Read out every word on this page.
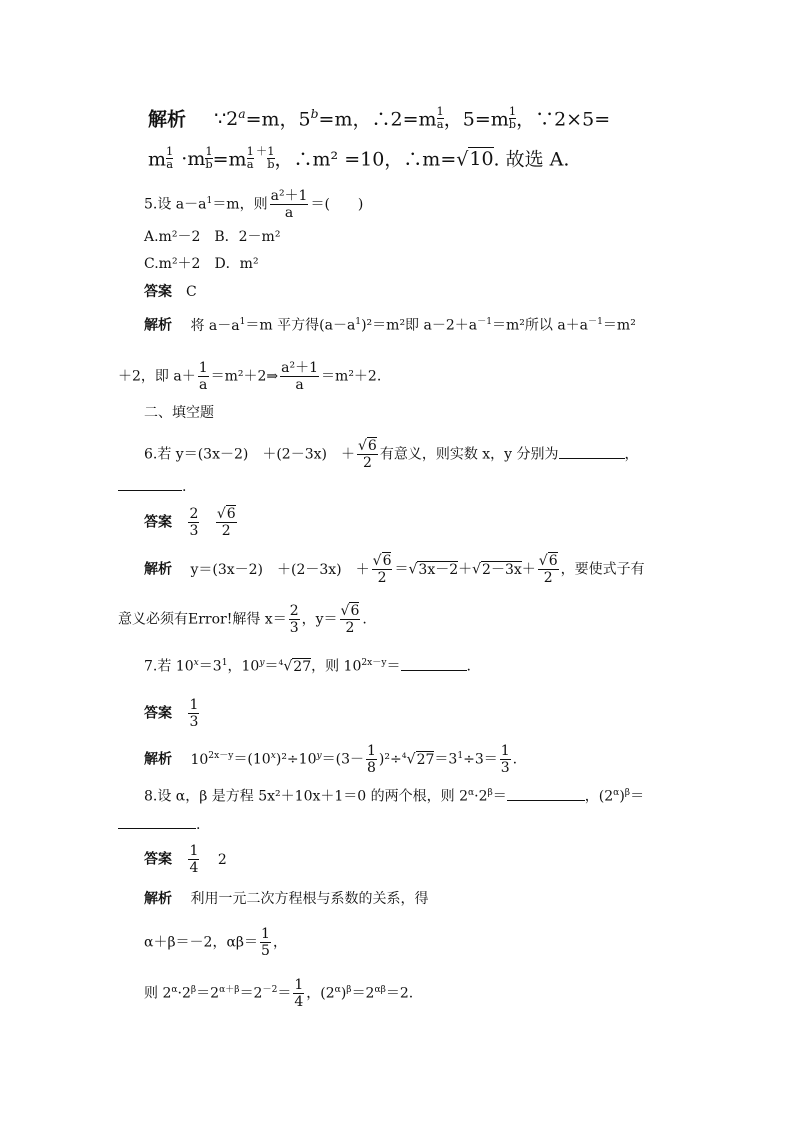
解析 $\because 2^a=m$，$5^b=m$，∴2=m $\frac{1}{a}$ ，$5=m \frac{1}{b}$ ，∵2×5=
m $\frac{1}{a} \cdot m \frac{1}{b} =m \frac{1}{a} + \frac{1}{b}$ ，∴m² =10，∴m=√10. 故选 A.
5.设 $a-a^1=m$，则 $\frac{\text{a²＋1}}{a}$ ＝(　　)
A.m²－2　B．2－m²
C.m²＋2　D．m²
答案 C
解析 将 $a-a^1=m$ 平方得$(a-a^1)^2=m^2$即 $a-2+a^{-1}=m^2$所以 $a+a^{-1}=m^2$
＋2，即 $a+ \frac{1}{a}$ ＝m²＋2⇒ $\frac{\text{a²＋1}}{a} =m^2+2$.
二、填空题
6.若 y＝(3x－2)　＋(2－3x)　＋ $\frac{√6}{2}$ 有意义，则实数 x，y 分别为	，
.
答案 $\frac{2}{3}$
$\frac{√6}{2}$
解析 y＝(3x－2)　＋(2－3x)　＋ $\frac{√6}{2} =√3x-2+√2-3x+ \frac{√6}{2}$ ，要使式子有
意义必须有Error!解得 $x= \frac{2}{3}$ ，$y= \frac{√6}{2}$ .
7.若 $10^x=3^1$，$10^y=^4√27$，则 $10^{2x-y}=$	.
答案 $\frac{1}{3}$
解析 $10^{2x-y}=(10^x)^2\div 10^y=(3- \frac{1}{8} )^2\div^4√27=3^1\div 3= \frac{1}{3}$ .
8.设 α，β 是方程 5x²＋10x＋1＝0 的两个根，则 $2^\alpha\cdot 2^\beta=$	，$(2^\alpha)^\beta=$
.
答案 $\frac{1}{4} 2$
解析 利用一元二次方程根与系数的关系，得
α＋β＝－2，$\alpha\beta= \frac{1}{5}$ ，
则 $2^\alpha\cdot 2^\beta=2^{\alpha+\beta}=2^{-2}= \frac{1}{4}$ ，$(2^\alpha)^\beta=2^{\alpha\beta}=2$.
